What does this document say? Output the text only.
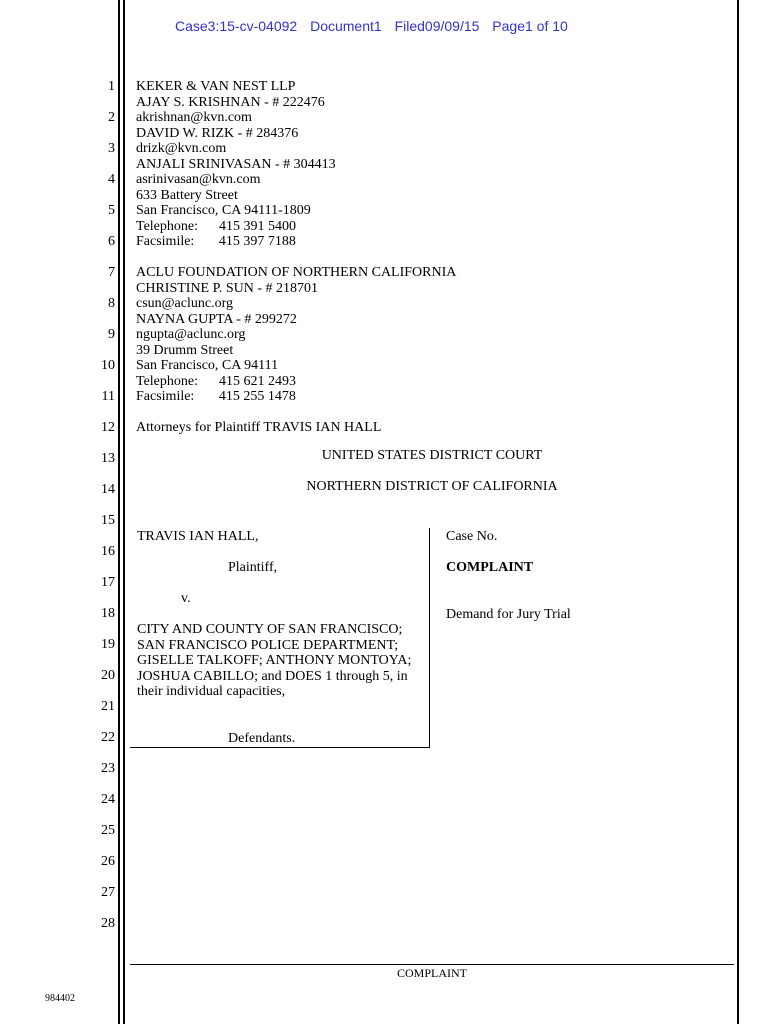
Case3:15-cv-04092 Document1 Filed09/09/15 Page1 of 10
1
2
3
4
5
6
7
8
9
10
11
12
13
14
15
16
17
18
19
20
21
22
23
24
25
26
27
28
KEKER & VAN NEST LLP
AJAY S. KRISHNAN - # 222476
akrishnan@kvn.com
DAVID W. RIZK - # 284376
drizk@kvn.com
ANJALI SRINIVASAN - # 304413
asrinivasan@kvn.com
633 Battery Street
San Francisco, CA 94111-1809
Telephone:      415 391 5400
Facsimile:       415 397 7188
ACLU FOUNDATION OF NORTHERN CALIFORNIA
CHRISTINE P. SUN - # 218701
csun@aclunc.org
NAYNA GUPTA - # 299272
ngupta@aclunc.org
39 Drumm Street
San Francisco, CA 94111
Telephone:      415 621 2493
Facsimile:       415 255 1478
Attorneys for Plaintiff TRAVIS IAN HALL
UNITED STATES DISTRICT COURT
NORTHERN DISTRICT OF CALIFORNIA
TRAVIS IAN HALL,
Plaintiff,
v.
CITY AND COUNTY OF SAN FRANCISCO; SAN FRANCISCO POLICE DEPARTMENT; GISELLE TALKOFF; ANTHONY MONTOYA; JOSHUA CABILLO; and DOES 1 through 5, in their individual capacities,
Defendants.
Case No.
COMPLAINT
Demand for Jury Trial
COMPLAINT
984402
